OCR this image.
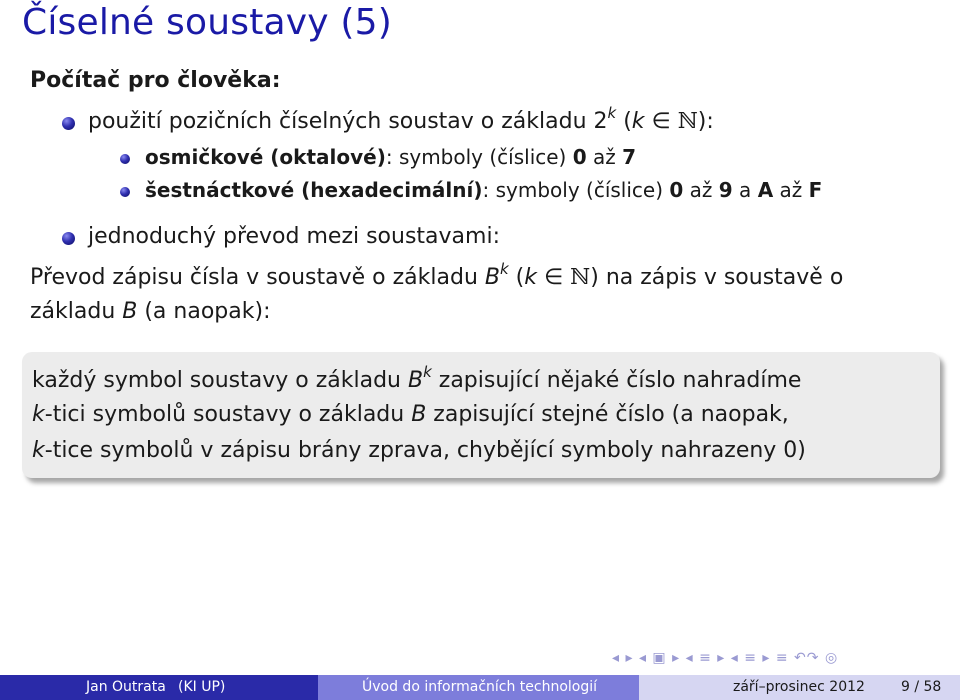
Číselné soustavy (5)
Počítač pro člověka:
použití pozičních číselných soustav o základu 2$^k$ (k ∈ ℕ):
osmičkové (oktalové): symboly (číslice) 0 až 7
šestnáctkové (hexadecimální): symboly (číslice) 0 až 9 a A až F
jednoduchý převod mezi soustavami:
Převod zápisu čísla v soustavě o základu $B^k$ (k ∈ ℕ) na zápis v soustavě o
základu B (a naopak):
každý symbol soustavy o základu $B^k$ zapisující nějaké číslo nahradíme
k-tici symbolů soustavy o základu B zapisující stejné číslo (a naopak,
k-tice symbolů v zápisu brány zprava, chybějící symboly nahrazeny 0)
◂ ▸ ◂ ▣ ▸ ◂ ≡ ▸ ◂ ≡ ▸ ≡ ↶↷ ◎
Jan Outrata (KI UP)	Úvod do informačních technologií	září–prosinec 2012	9 / 58
